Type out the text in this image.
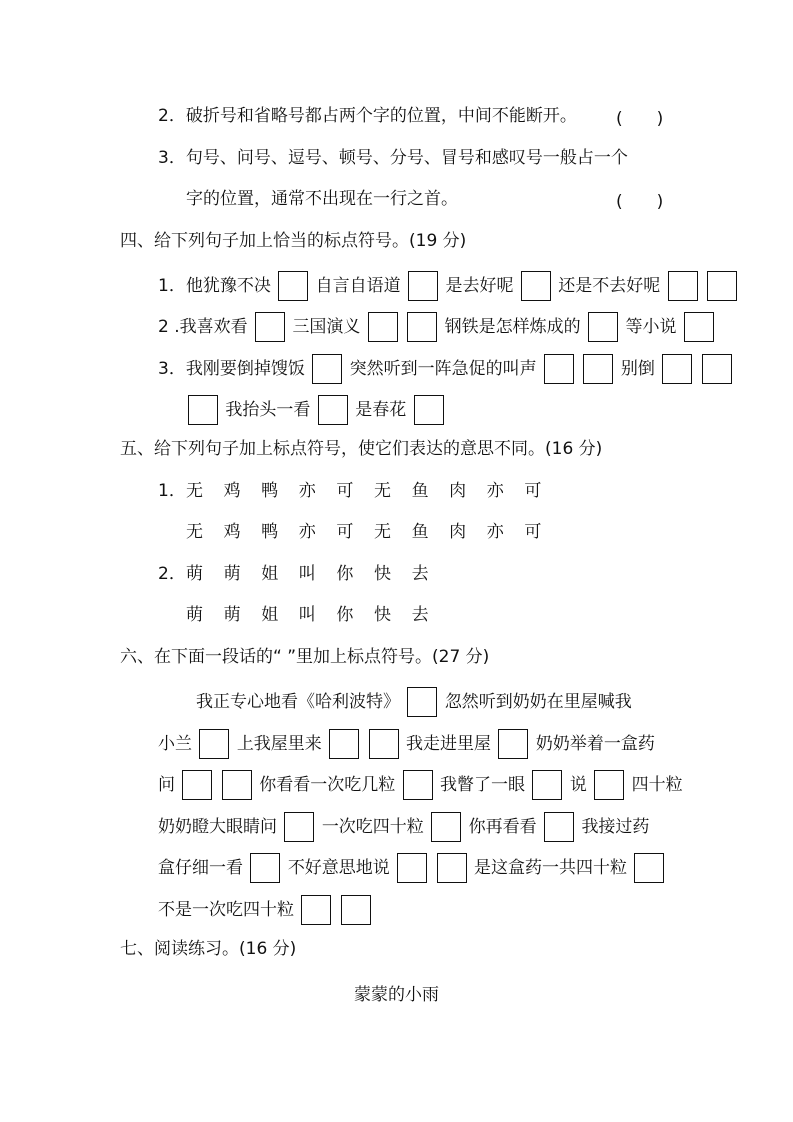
2．破折号和省略号都占两个字的位置，中间不能断开。 (　　)
3．句号、问号、逗号、顿号、分号、冒号和感叹号一般占一个
字的位置，通常不出现在一行之首。	(　　)
四、给下列句子加上恰当的标点符号。(19 分)
1．他犹豫不决	自言自语道	是去好呢	还是不去好呢
2 .我喜欢看	三国演义	钢铁是怎样炼成的	等小说
3．我刚要倒掉馊饭	突然听到一阵急促的叫声	别倒
我抬头一看	是春花
五、给下列句子加上标点符号，使它们表达的意思不同。(16 分)
1．无 鸡 鸭 亦 可 无 鱼 肉 亦 可
无 鸡 鸭 亦 可 无 鱼 肉 亦 可
2．萌 萌 姐 叫 你 快 去
萌 萌 姐 叫 你 快 去
六、在下面一段话的“ ”里加上标点符号。(27 分)
我正专心地看《哈利波特》	忽然听到奶奶在里屋喊我
小兰	上我屋里来	我走进里屋	奶奶举着一盒药
问	你看看一次吃几粒	我瞥了一眼	说	四十粒
奶奶瞪大眼睛问	一次吃四十粒	你再看看	我接过药
盒仔细一看	不好意思地说	是这盒药一共四十粒
不是一次吃四十粒
七、阅读练习。(16 分)
蒙蒙的小雨
